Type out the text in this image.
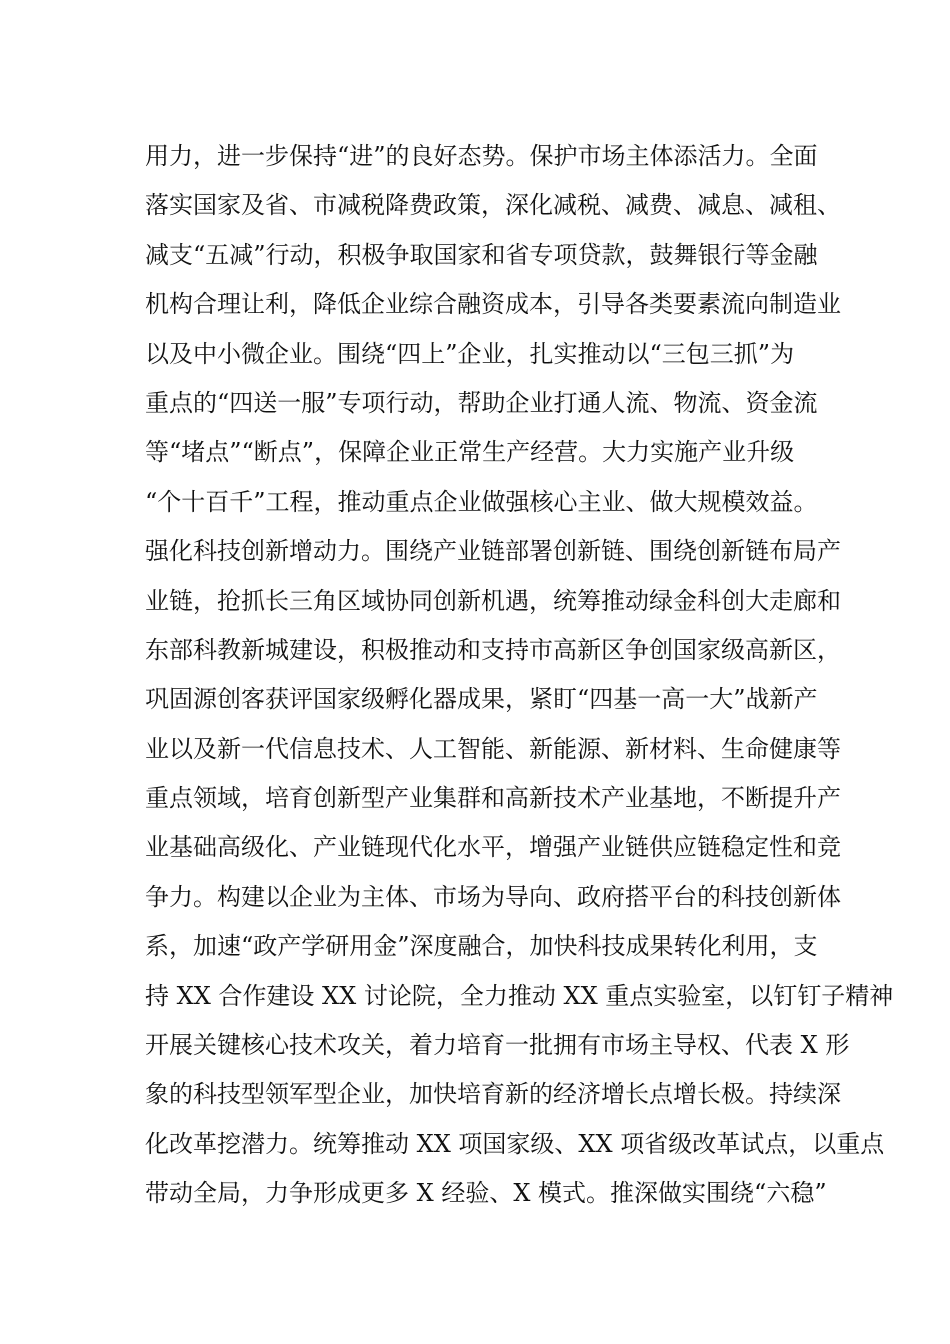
用力，进一步保持“进”的良好态势。保护市场主体添活力。全面
落实国家及省、市减税降费政策，深化减税、减费、减息、减租、
减支“五减”行动，积极争取国家和省专项贷款，鼓舞银行等金融
机构合理让利，降低企业综合融资成本，引导各类要素流向制造业
以及中小微企业。围绕“四上”企业，扎实推动以“三包三抓”为
重点的“四送一服”专项行动，帮助企业打通人流、物流、资金流
等“堵点”“断点”，保障企业正常生产经营。大力实施产业升级
“个十百千”工程，推动重点企业做强核心主业、做大规模效益。
强化科技创新增动力。围绕产业链部署创新链、围绕创新链布局产
业链，抢抓长三角区域协同创新机遇，统筹推动绿金科创大走廊和
东部科教新城建设，积极推动和支持市高新区争创国家级高新区，
巩固源创客获评国家级孵化器成果，紧盯“四基一高一大”战新产
业以及新一代信息技术、人工智能、新能源、新材料、生命健康等
重点领域，培育创新型产业集群和高新技术产业基地，不断提升产
业基础高级化、产业链现代化水平，增强产业链供应链稳定性和竞
争力。构建以企业为主体、市场为导向、政府搭平台的科技创新体
系，加速“政产学研用金”深度融合，加快科技成果转化利用，支
持 XX 合作建设 XX 讨论院，全力推动 XX 重点实验室，以钉钉子精神
开展关键核心技术攻关，着力培育一批拥有市场主导权、代表 X 形
象的科技型领军型企业，加快培育新的经济增长点增长极。持续深
化改革挖潜力。统筹推动 XX 项国家级、XX 项省级改革试点，以重点
带动全局，力争形成更多 X 经验、X 模式。推深做实围绕“六稳”
